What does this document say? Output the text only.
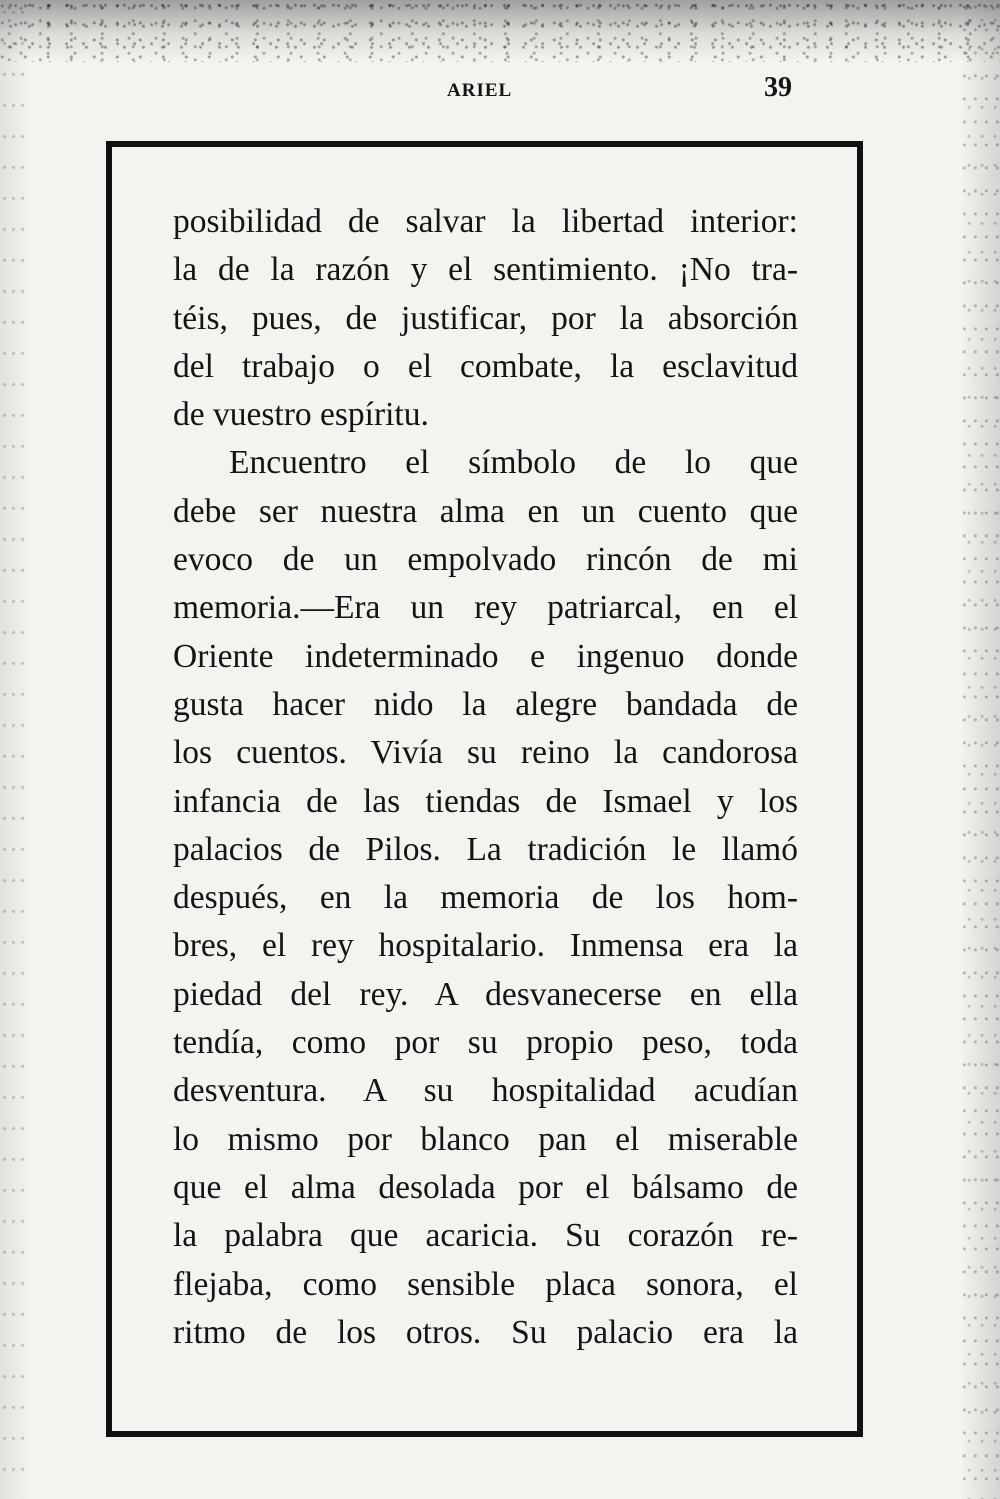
ARIEL	39

posibilidad de salvar la libertad interior:
la de la razón y el sentimiento. ¡No tra-
téis, pues, de justificar, por la absorción
del trabajo o el combate, la esclavitud
de vuestro espíritu.

Encuentro el símbolo de lo que
debe ser nuestra alma en un cuento que
evoco de un empolvado rincón de mi
memoria.—Era un rey patriarcal, en el
Oriente indeterminado e ingenuo donde
gusta hacer nido la alegre bandada de
los cuentos. Vivía su reino la candorosa
infancia de las tiendas de Ismael y los
palacios de Pilos. La tradición le llamó
después, en la memoria de los hom-
bres, el rey hospitalario. Inmensa era la
piedad del rey. A desvanecerse en ella
tendía, como por su propio peso, toda
desventura. A su hospitalidad acudían
lo mismo por blanco pan el miserable
que el alma desolada por el bálsamo de
la palabra que acaricia. Su corazón re-
flejaba, como sensible placa sonora, el
ritmo de los otros. Su palacio era la
